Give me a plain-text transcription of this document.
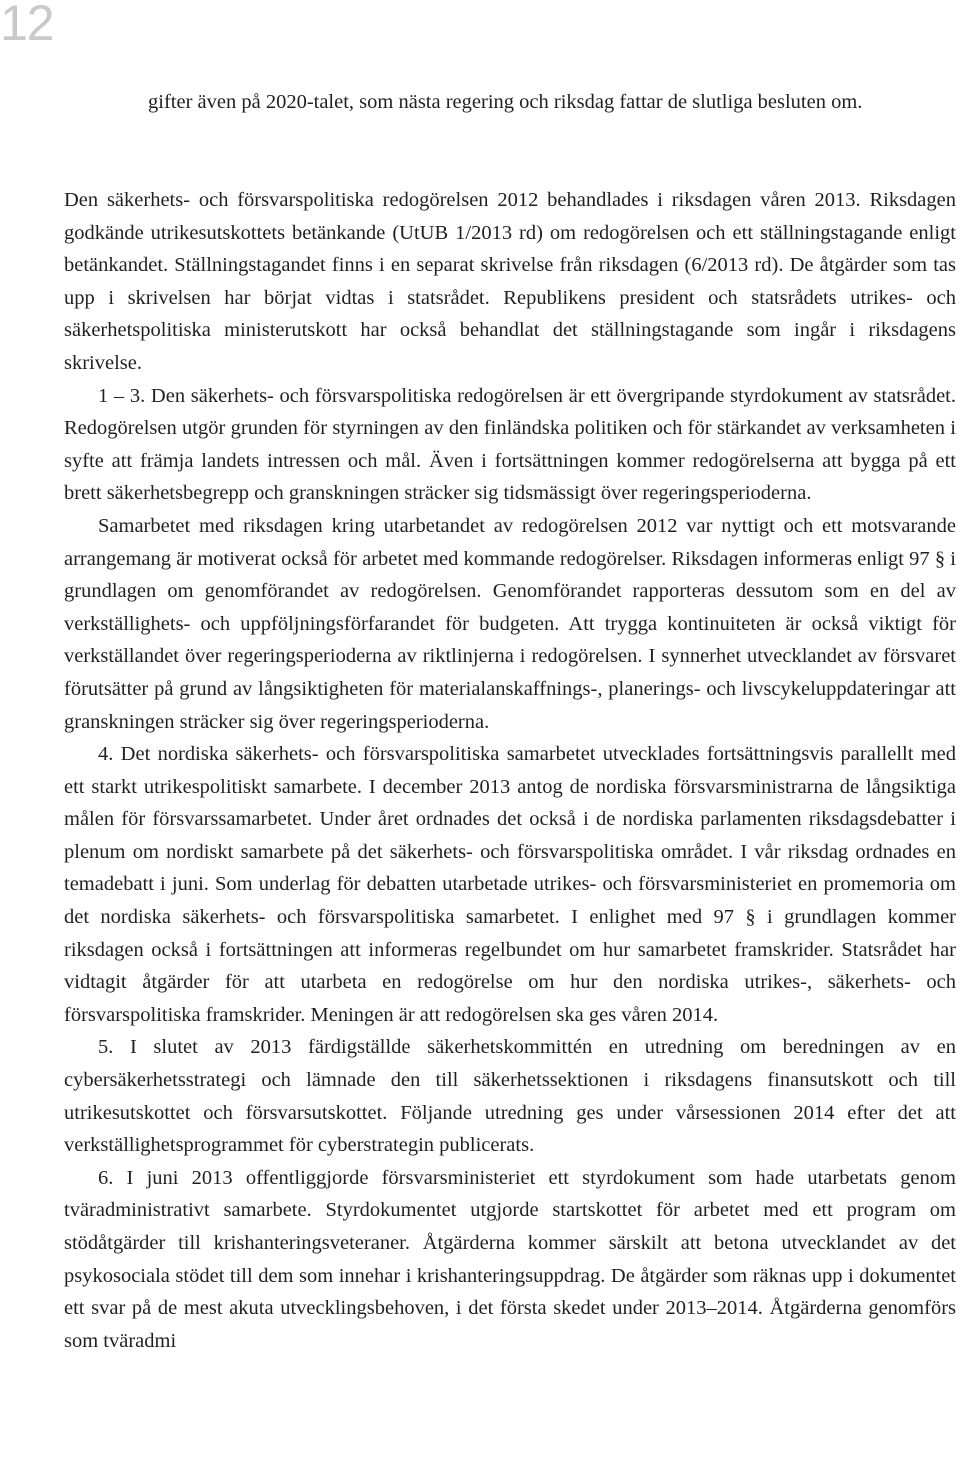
12

gifter även på 2020-talet, som nästa regering och riksdag fattar de slutliga besluten om.

Den säkerhets- och försvarspolitiska redogörelsen 2012 behandlades i riksdagen våren 2013. Riksdagen godkände utrikesutskottets betänkande (UtUB 1/2013 rd) om redogörelsen och ett ställningstagande enligt betänkandet. Ställningstagandet finns i en separat skrivelse från riksdagen (6/2013 rd). De åtgärder som tas upp i skrivelsen har börjat vidtas i statsrådet. Republikens president och statsrådets utrikes- och säkerhetspolitiska ministerutskott har också behandlat det ställningstagande som ingår i riksdagens skrivelse.

1 – 3. Den säkerhets- och försvarspolitiska redogörelsen är ett övergripande styrdokument av statsrådet. Redogörelsen utgör grunden för styrningen av den finländska politiken och för stärkandet av verksamheten i syfte att främja landets intressen och mål. Även i fortsättningen kommer redogörelserna att bygga på ett brett säkerhetsbegrepp och granskningen sträcker sig tidsmässigt över regeringsperioderna.

Samarbetet med riksdagen kring utarbetandet av redogörelsen 2012 var nyttigt och ett motsvarande arrangemang är motiverat också för arbetet med kommande redogörelser. Riksdagen informeras enligt 97 § i grundlagen om genomförandet av redogörelsen. Genomförandet rapporteras dessutom som en del av verkställighets- och uppföljningsförfarandet för budgeten. Att trygga kontinuiteten är också viktigt för verkställandet över regeringsperioderna av riktlinjerna i redogörelsen. I synnerhet utvecklandet av försvaret förutsätter på grund av långsiktigheten för materialanskaffnings-, planerings- och livscykeluppdateringar att granskningen sträcker sig över regeringsperioderna.

4. Det nordiska säkerhets- och försvarspolitiska samarbetet utvecklades fortsättningsvis parallellt med ett starkt utrikespolitiskt samarbete. I december 2013 antog de nordiska försvarsministrarna de långsiktiga målen för försvarssamarbetet. Under året ordnades det också i de nordiska parlamenten riksdagsdebatter i plenum om nordiskt samarbete på det säkerhets- och försvarspolitiska området. I vår riksdag ordnades en temadebatt i juni. Som underlag för debatten utarbetade utrikes- och försvarsministeriet en promemoria om det nordiska säkerhets- och försvarspolitiska samarbetet. I enlighet med 97 § i grundlagen kommer riksdagen också i fortsättningen att informeras regelbundet om hur samarbetet framskrider. Statsrådet har vidtagit åtgärder för att utarbeta en redogörelse om hur den nordiska utrikes-, säkerhets- och försvarspolitiska framskrider. Meningen är att redogörelsen ska ges våren 2014.

5. I slutet av 2013 färdigställde säkerhetskommittén en utredning om beredningen av en cybersäkerhetsstrategi och lämnade den till säkerhetssektionen i riksdagens finansutskott och till utrikesutskottet och försvarsutskottet. Följande utredning ges under vårsessionen 2014 efter det att verkställighetsprogrammet för cyberstrategin publicerats.

6. I juni 2013 offentliggjorde försvarsministeriet ett styrdokument som hade utarbetats genom tväradministrativt samarbete. Styrdokumentet utgjorde startskottet för arbetet med ett program om stödåtgärder till krishanteringsveteraner. Åtgärderna kommer särskilt att betona utvecklandet av det psykosociala stödet till dem som innehar i krishanteringsuppdrag. De åtgärder som räknas upp i dokumentet ett svar på de mest akuta utvecklingsbehoven, i det första skedet under 2013–2014. Åtgärderna genomförs som tväradmi
